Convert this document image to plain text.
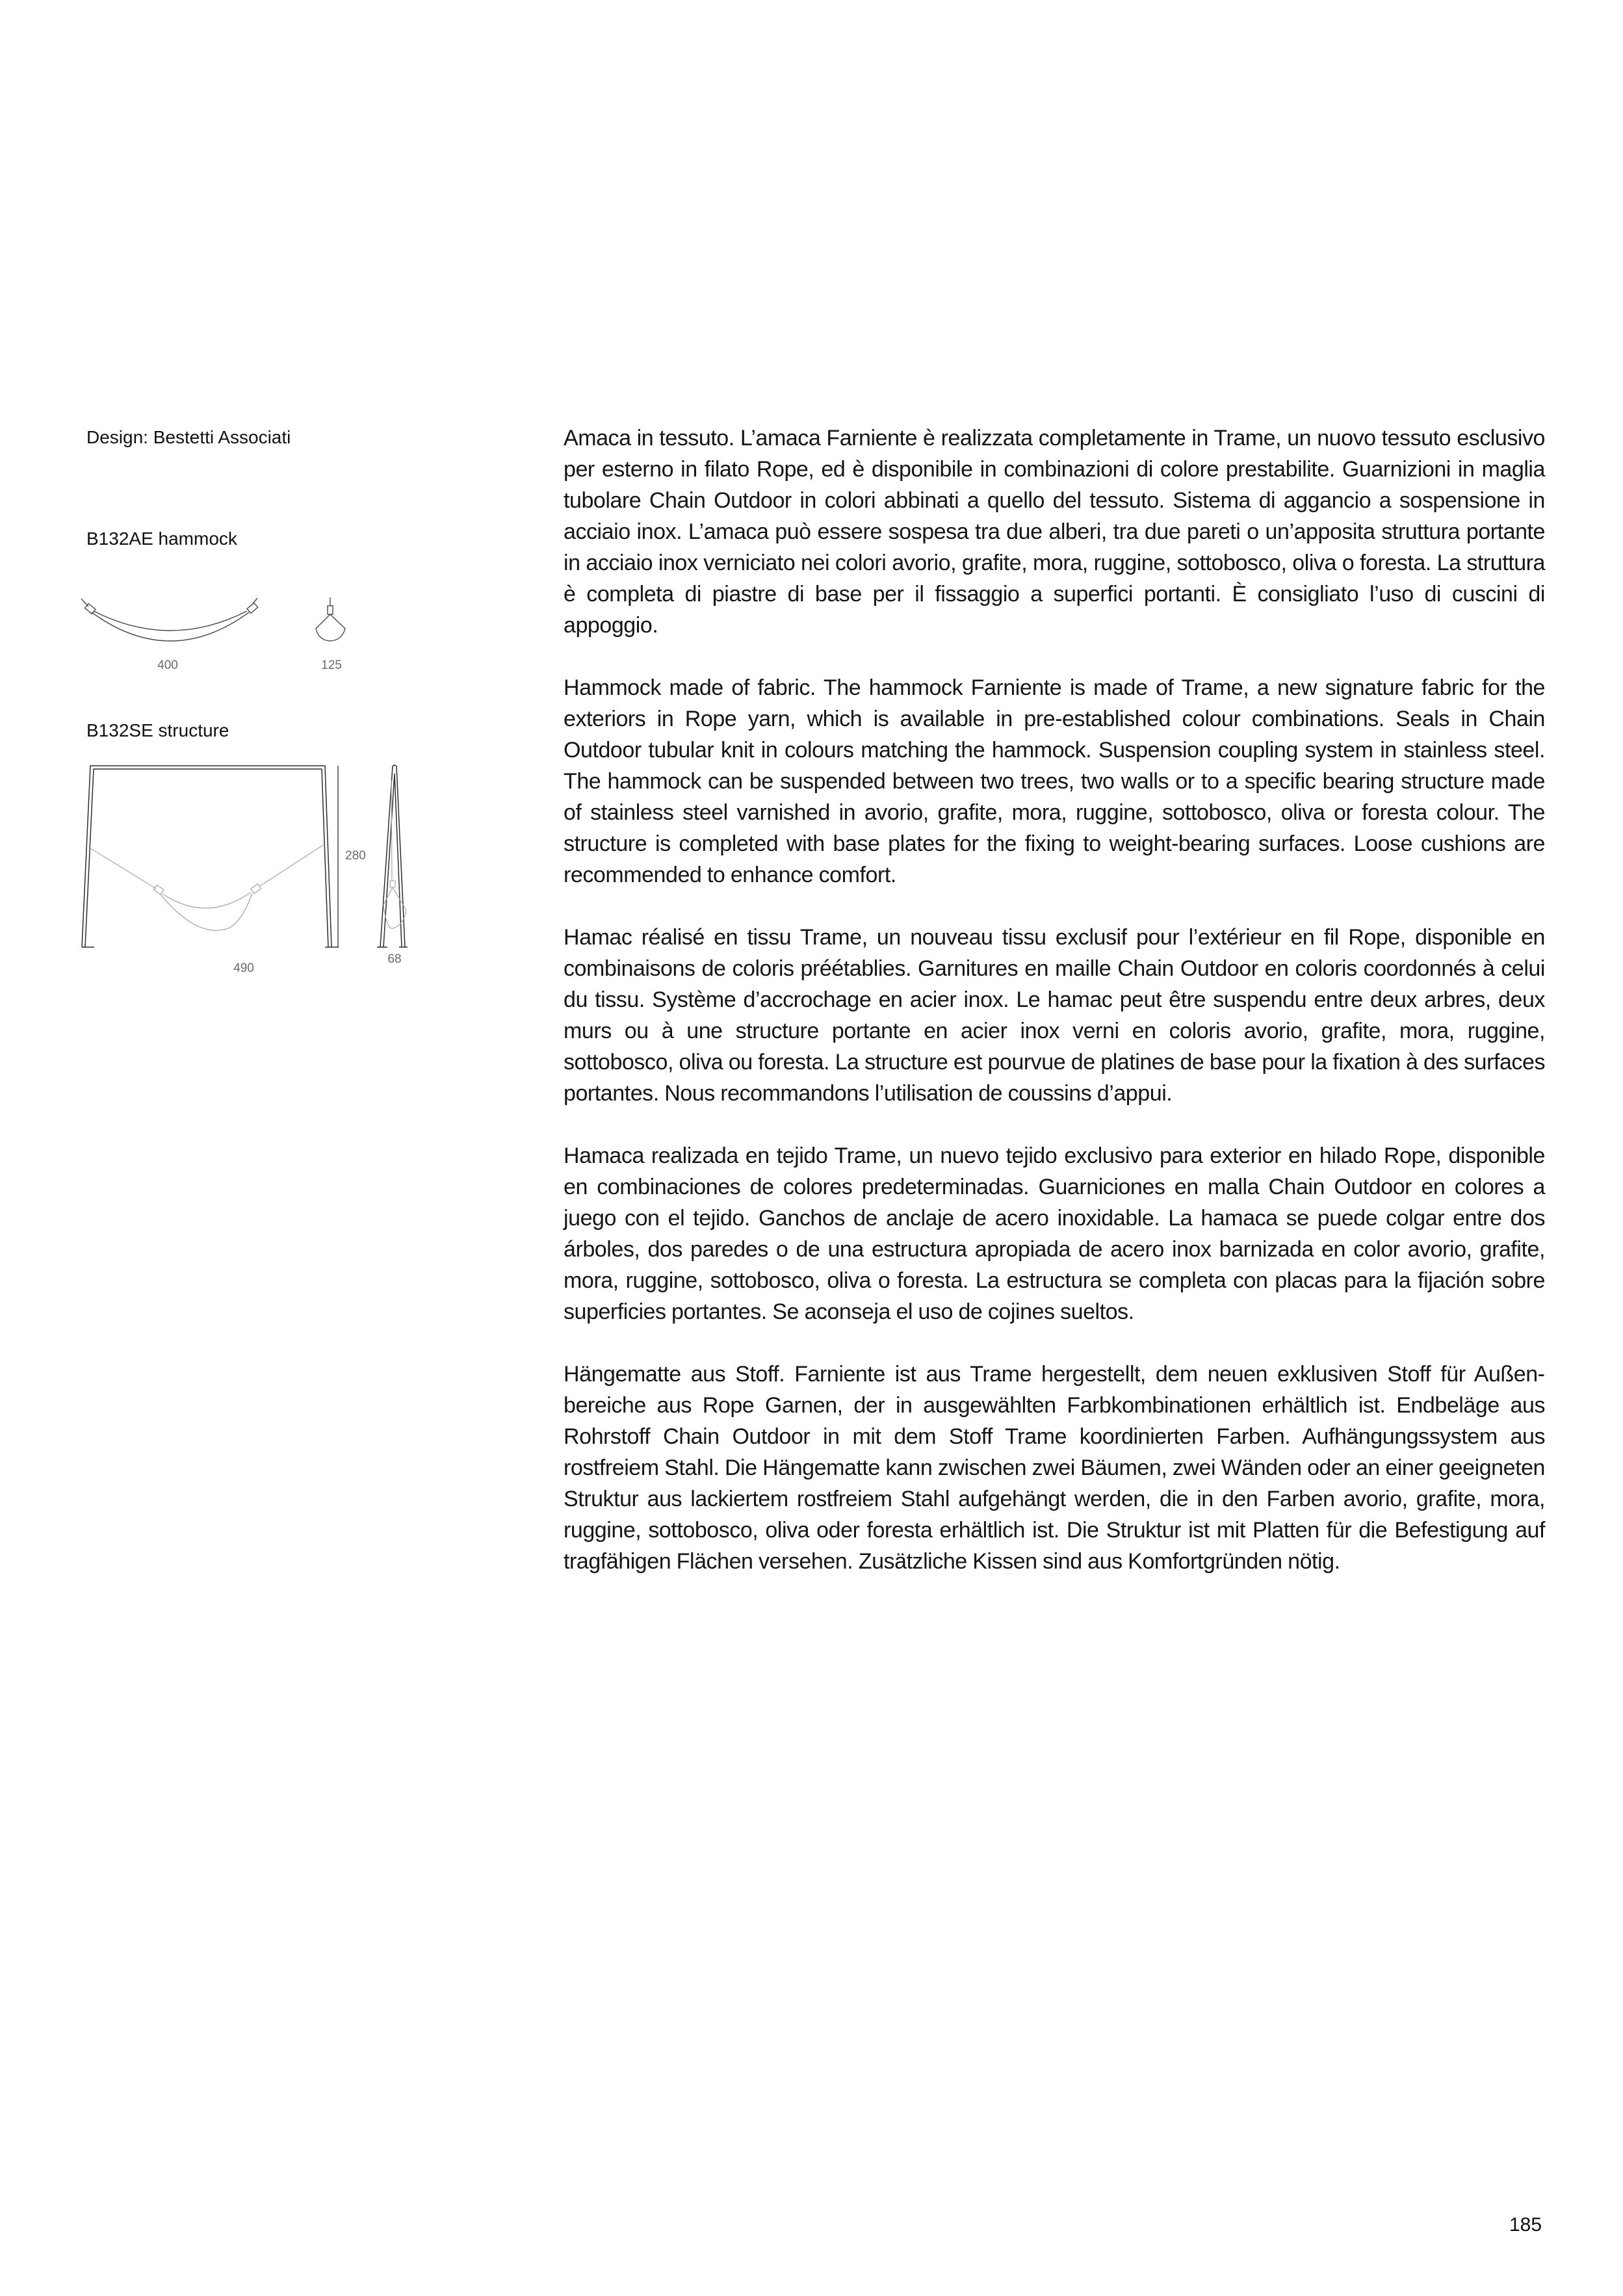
Design: Bestetti Associati
B132AE hammock
400	125
B132SE structure
280
490
68

Amaca in tessuto. L’amaca Farniente è realizzata completamente in Trame, un nuovo tessuto esclusivo per esterno in filato Rope, ed è disponibile in combinazioni di colore prestabilite. Guarnizioni in maglia tubolare Chain Outdoor in colori abbinati a quello del tessuto. Sistema di aggancio a sospensione in acciaio inox. L’amaca può essere sospesa tra due alberi, tra due pareti o un’apposita struttura portante in acciaio inox verniciato nei colori avorio, grafite, mora, ruggine, sottobosco, oliva o foresta. La struttura è completa di piastre di base per il fissaggio a superfici portanti. È consigliato l’uso di cuscini di appoggio.

Hammock made of fabric. The hammock Farniente is made of Trame, a new signature fabric for the exteriors in Rope yarn, which is available in pre-established colour combinations. Seals in Chain Outdoor tubular knit in colours matching the hammock. Suspension coupling system in stainless steel. The hammock can be suspended between two trees, two walls or to a specific bearing structure made of stainless steel varnished in avorio, grafite, mora, ruggine, sottobosco, oliva or foresta colour. The structure is completed with base plates for the fixing to weight-bearing surfaces. Loose cushions are recommended to enhance comfort.

Hamac réalisé en tissu Trame, un nouveau tissu exclusif pour l’extérieur en fil Rope, disponible en combinaisons de coloris préétablies. Garnitures en maille Chain Outdoor en coloris coordonnés à celui du tissu. Système d’accrochage en acier inox. Le hamac peut être suspendu entre deux arbres, deux murs ou à une structure portante en acier inox verni en coloris avorio, grafite, mora, ruggine, sottobosco, oliva ou foresta. La structure est pourvue de platines de base pour la fixation à des surfaces portantes. Nous recommandons l’utilisation de coussins d’appui.

Hamaca realizada en tejido Trame, un nuevo tejido exclusivo para exterior en hilado Rope, disponible en combinaciones de colores predeterminadas. Guarniciones en malla Chain Outdoor en colores a juego con el tejido. Ganchos de anclaje de acero inoxidable. La hamaca se puede colgar entre dos árboles, dos paredes o de una estructura apropiada de acero inox barnizada en color avorio, grafite, mora, ruggine, sottobosco, oliva o foresta. La estructura se completa con placas para la fijación sobre superficies portantes. Se aconseja el uso de cojines sueltos.

Hängematte aus Stoff. Farniente ist aus Trame hergestellt, dem neuen exklusiven Stoff für Außenbereiche aus Rope Garnen, der in ausgewählten Farbkombinationen erhältlich ist. Endbeläge aus Rohrstoff Chain Outdoor in mit dem Stoff Trame koordinierten Farben. Aufhängungssystem aus rostfreiem Stahl. Die Hängematte kann zwischen zwei Bäumen, zwei Wänden oder an einer geeigneten Struktur aus lackiertem rostfreiem Stahl aufgehängt werden, die in den Farben avorio, grafite, mora, ruggine, sottobosco, oliva oder foresta erhältlich ist. Die Struktur ist mit Platten für die Befestigung auf tragfähigen Flächen versehen. Zusätzliche Kissen sind aus Komfortgründen nötig.

185
